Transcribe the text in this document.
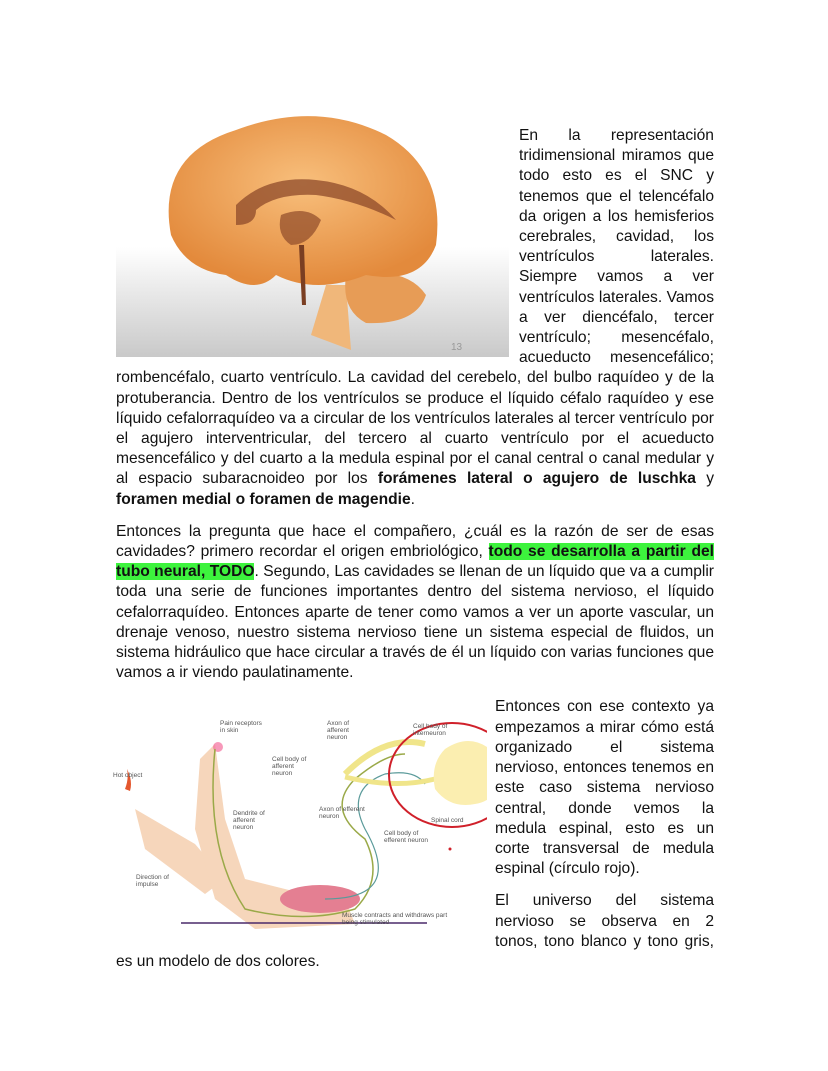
13
En la representación tridimensional miramos que todo esto es el SNC y tenemos que el telencéfalo da origen a los hemisferios cerebrales, cavidad, los ventrículos laterales. Siempre vamos a ver ventrículos laterales. Vamos a ver diencéfalo, tercer ventrículo; mesencéfalo, acueducto mesencefálico; rombencéfalo, cuarto ventrículo. La cavidad del cerebelo, del bulbo raquídeo y de la protuberancia. Dentro de los ventrículos se produce el líquido céfalo raquídeo y ese líquido cefalorraquídeo va a circular de los ventrículos laterales al tercer ventrículo por el agujero interventricular, del tercero al cuarto ventrículo por el acueducto mesencefálico y del cuarto a la medula espinal por el canal central o canal medular y al espacio subaracnoideo por los forámenes lateral o agujero de luschka y foramen medial o foramen de magendie.

Entonces la pregunta que hace el compañero, ¿cuál es la razón de ser de esas cavidades? primero recordar el origen embriológico, todo se desarrolla a partir del tubo neural, TODO. Segundo, Las cavidades se llenan de un líquido que va a cumplir toda una serie de funciones importantes dentro del sistema nervioso, el líquido cefalorraquídeo. Entonces aparte de tener como vamos a ver un aporte vascular, un drenaje venoso, nuestro sistema nervioso tiene un sistema especial de fluidos, un sistema hidráulico que hace circular a través de él un líquido con varias funciones que vamos a ir viendo paulatinamente.

Pain receptors in skin
Hot object
Axon of afferent neuron
Cell body of interneuron
Cell body of afferent neuron
Dendrite of afferent neuron
Axon of efferent neuron
Spinal cord
Cell body of efferent neuron
Direction of impulse
Muscle contracts and withdraws part being stimulated

Entonces con ese contexto ya empezamos a mirar cómo está organizado el sistema nervioso, entonces tenemos en este caso sistema nervioso central, donde vemos la medula espinal, esto es un corte transversal de medula espinal (círculo rojo).

El universo del sistema nervioso se observa en 2 tonos, tono blanco y tono gris, es un modelo de dos colores.
